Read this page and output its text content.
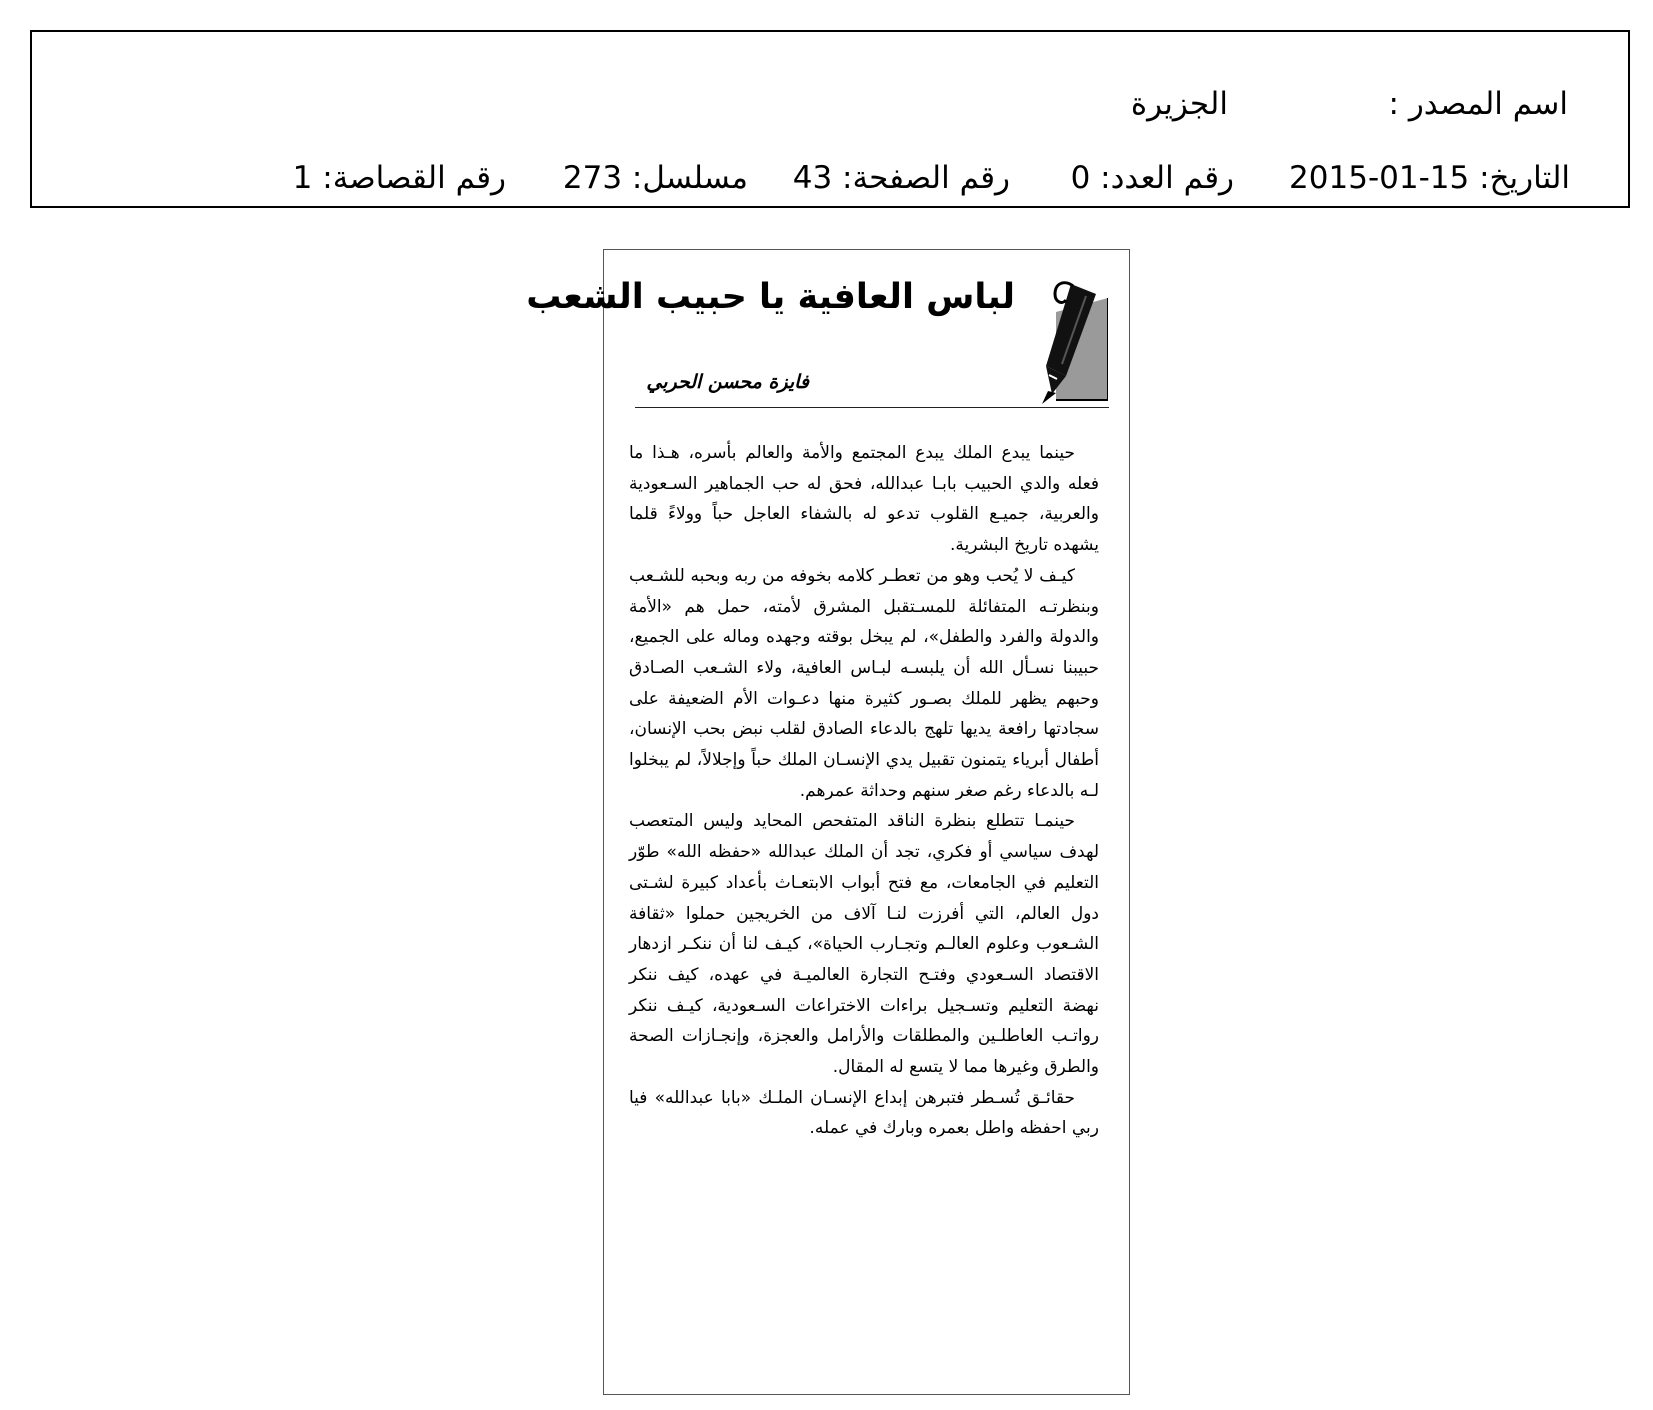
اسم المصدر :
الجزيرة
التاريخ: 15-01-2015
رقم العدد: 0
رقم الصفحة: 43
مسلسل: 273
رقم القصاصة: 1
لباس العافية يا حبيب الشعب
فايزة محسن الحربي

حينما يبدع الملك يبدع المجتمع والأمة والعالم بأسره، هـذا ما فعله والدي الحبيب بابـا عبدالله، فحق له حب الجماهير السـعودية والعربية، جميـع القلوب تدعو له بالشفاء العاجل حباً وولاءً قلما يشهده تاريخ البشرية.

كيـف لا يُحب وهو من تعطـر كلامه بخوفه من ربه وبحبه للشـعب وبنظرتـه المتفائلة للمسـتقبل المشرق لأمته، حمل هم «الأمة والدولة والفرد والطفل»، لم يبخل بوقته وجهده وماله على الجميع، حبيبنا نسـأل الله أن يلبسـه لبـاس العافية، ولاء الشـعب الصـادق وحبهم يظهر للملك بصـور كثيرة منها دعـوات الأم الضعيفة على سجادتها رافعة يديها تلهج بالدعاء الصادق لقلب نبض بحب الإنسان، أطفال أبرياء يتمنون تقبيل يدي الإنسـان الملك حباً وإجلالاً، لم يبخلوا لـه بالدعاء رغم صغر سنهم وحداثة عمرهم.

حينمـا تتطلع بنظرة الناقد المتفحص المحايد وليس المتعصب لهدف سياسي أو فكري، تجد أن الملك عبدالله «حفظه الله» طوّر التعليم في الجامعات، مع فتح أبواب الابتعـاث بأعداد كبيرة لشـتى دول العالم، التي أفرزت لنـا آلاف من الخريجين حملوا «ثقافة الشـعوب وعلوم العالـم وتجـارب الحياة»، كيـف لنا أن ننكـر ازدهار الاقتصاد السـعودي وفتـح التجارة العالميـة في عهده، كيف ننكر نهضة التعليم وتسـجيل براءات الاختراعات السـعودية، كيـف ننكر رواتـب العاطلـين والمطلقات والأرامل والعجزة، وإنجـازات الصحة والطرق وغيرها مما لا يتسع له المقال.

حقائـق تُسـطر فتبرهن إبداع الإنسـان الملـك «بابا عبدالله» فيا ربي احفظه واطل بعمره وبارك في عمله.
